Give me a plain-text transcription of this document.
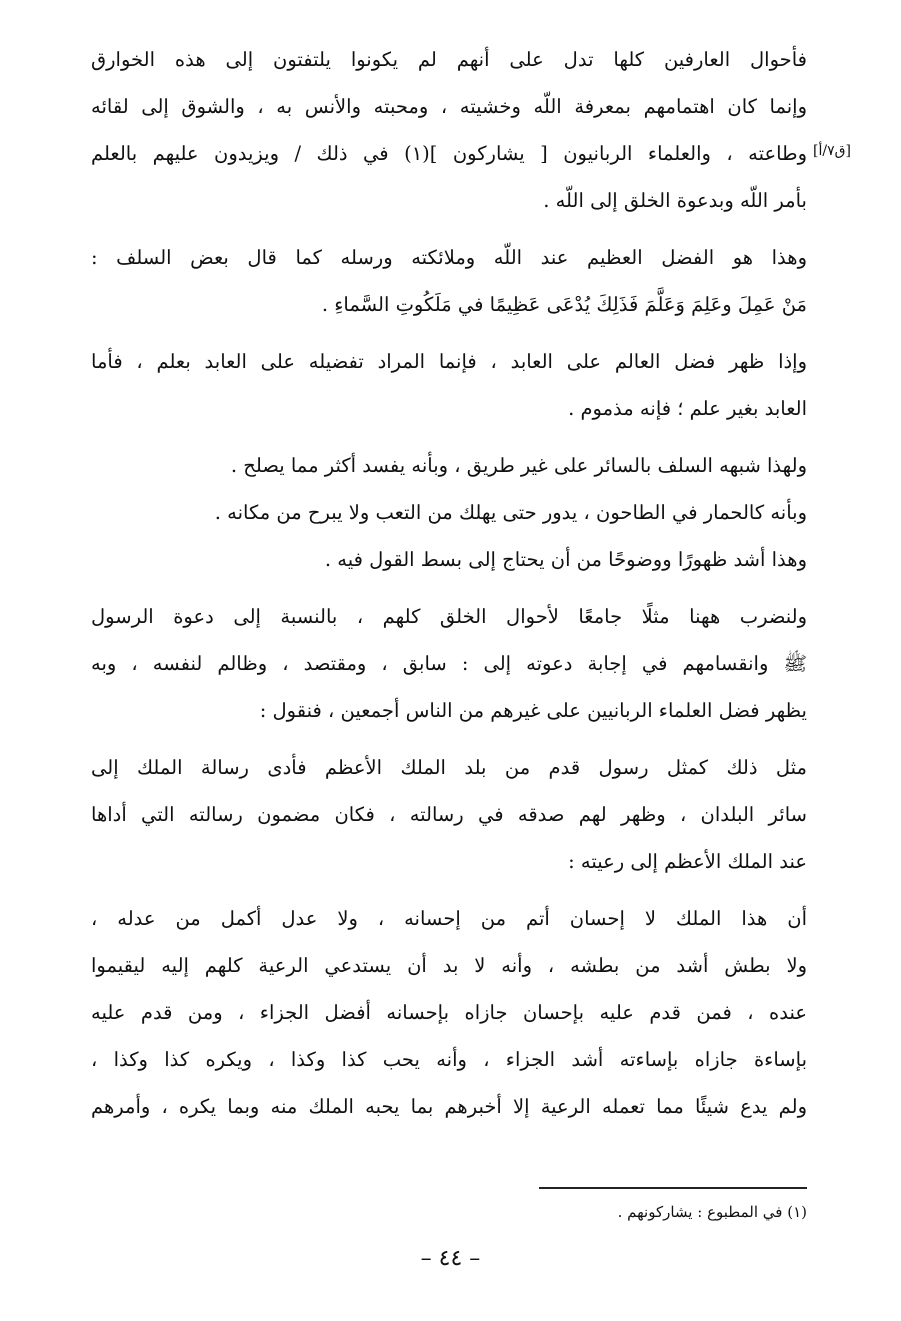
فأحوال العارفين كلها تدل على أنهم لم يكونوا يلتفتون إلى هذه الخوارق
وإنما كان اهتمامهم بمعرفة اللّه وخشيته ، ومحبته والأنس به ، والشوق إلى لقائه
وطاعته ، والعلماء الربانيون [ يشاركون ](١) في ذلك / ويزيدون عليهم بالعلم
بأمر اللّه وبدعوة الخلق إلى اللّه .
وهذا هو الفضل العظيم عند اللّه وملائكته ورسله كما قال بعض السلف :
مَنْ عَمِلَ وعَلِمَ وَعَلَّمَ فَذَلِكَ يُدْعَى عَظِيمًا في مَلَكُوتِ السَّماءِ .
وإذا ظهر فضل العالم على العابد ، فإنما المراد تفضيله على العابد بعلم ، فأما
العابد بغير علم ؛ فإنه مذموم .
ولهذا شبهه السلف بالسائر على غير طريق ، وبأنه يفسد أكثر مما يصلح .
وبأنه كالحمار في الطاحون ، يدور حتى يهلك من التعب ولا يبرح من مكانه .
وهذا أشد ظهورًا ووضوحًا من أن يحتاج إلى بسط القول فيه .
ولنضرب ههنا مثلًا جامعًا لأحوال الخلق كلهم ، بالنسبة إلى دعوة الرسول
ﷺ وانقسامهم في إجابة دعوته إلى : سابق ، ومقتصد ، وظالم لنفسه ، وبه
يظهر فضل العلماء الربانيين على غيرهم من الناس أجمعين ، فنقول :
مثل ذلك كمثل رسول قدم من بلد الملك الأعظم فأدى رسالة الملك إلى
سائر البلدان ، وظهر لهم صدقه في رسالته ، فكان مضمون رسالته التي أداها
عند الملك الأعظم إلى رعيته :
أن هذا الملك لا إحسان أتم من إحسانه ، ولا عدل أكمل من عدله ،
ولا بطش أشد من بطشه ، وأنه لا بد أن يستدعي الرعية كلهم إليه ليقيموا
عنده ، فمن قدم عليه بإحسان جازاه بإحسانه أفضل الجزاء ، ومن قدم عليه
بإساءة جازاه بإساءته أشد الجزاء ، وأنه يحب كذا وكذا ، ويكره كذا وكذا ،
ولم يدع شيئًا مما تعمله الرعية إلا أخبرهم بما يحبه الملك منه وبما يكره ، وأمرهم
[ق٧/أ]
(١) في المطبوع : يشاركونهم .
– ٤٤ –
